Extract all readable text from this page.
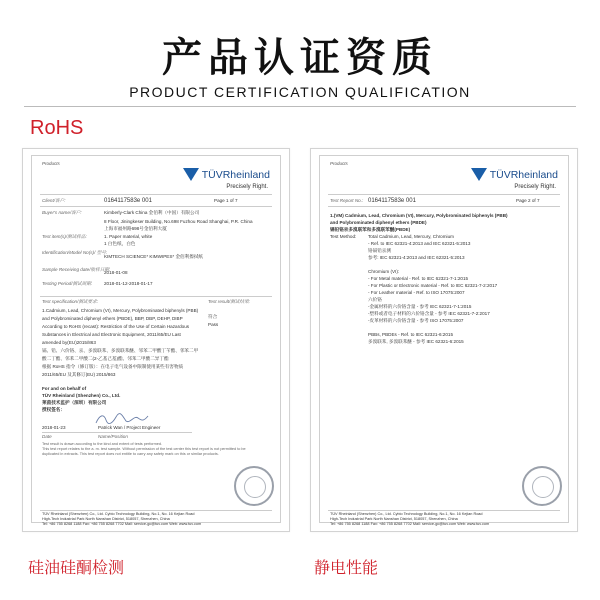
产品认证资质
PRODUCT CERTIFICATION QUALIFICATION
RoHS
Products
TÜVRheinland
Precisely Right.
Client/客户:	0164117583e 001	Page 1 of 7
Buyer's name/客户:	Kimberly-Clark China 金佰利（中国）有限公司
8 Floor, Jiningkeser Building, No.698 Fuzhou Road Shanghai, P.R. China
上海市福州路698号金佰利大厦
Test item(s)/测试样品:	1. Paper material, white
1 白色纸，白色
Identification/Model No(s)/ 型号:
KIMTECH SCIENCE* KIMWIPES* 金佰利擦拭纸
Sample Receiving date/收样日期:
2018-01-08
Testing Period/测试周期:	2018-01-12-2018-01-17
Test specification/测试要求:	Test result/测试结果:
1.Cadmium, Lead, Chromium (VI), Mercury, Polybrominated biphenyls (PBB)
and Polybrominated diphenyl ethers (PBDE), BBP, DBP, DEHP, DIBP
According to RoHS (recast): Restriction of the Use of Certain Hazardous
Substances in Electrical and Electronic Equipment, 2011/65/EU Last
amended by(EU)2015/863
镉、铅、六价铬、汞、多溴联苯、多溴联苯醚、邻苯二甲酸丁苄酯、邻苯二甲
酸二丁酯、邻苯二甲酸二(2-乙基己基)酯、邻苯二甲酸二异丁酯
根据 RoHS 指令（修订版）：在电子电气设备中限制使用某些有害物质
2011/65/EU 及其修订(EU) 2015/863
符合
Pass
For and on behalf of
TÜV Rheinland (Shenzhen) Co., Ltd.
莱茵技术监护（深圳）有限公司
授权签名：
2018-01-23	Patrick Wan / Project Engineer
Date	Name/Position
Test result is drawn according to the kind and extent of tests performed.
This test report relates to the a. m. test sample. Without permission of the test center this test report is not permitted to be
duplicated in extracts. This test report does not entitle to carry any safety mark on this or similar products.
TÜV Rheinland (Shenzhen) Co., Ltd. Cybio Technology Building, No.1, No. 16 Kejian Road
High-Tech Industrial Park North Nanshan District, 518057, Shenzhen, China
Tel: +86 755 8268 1188 Fax: +86 755 8268 7702 Mail: service-gc@tuv.com Web: www.tuv.com
Products
TÜVRheinland
Precisely Right.
Test Report No.: 0164117583e 001	Page 2 of 7
1.(VM) Cadmium, Lead, Chromium (VI), Mercury, Polybrominated biphenyls (PBB)
and Polybrominated diphenyl ethers (PBDE)
镉铅铬汞多溴联苯和多溴联苯醚(PBDE)
Test Method:	Total Cadmium, Lead, Mercury, Chromium
- Ref. to IEC 62321-4:2013 and IEC 62321-5:2013
铬镉铅汞测
参考: IEC 62321-4:2013 and IEC 62321-5:2013
Chromium (VI):
- For Metal material - Ref. to IEC 62321-7-1:2015
- For Plastic or Electronic material - Ref. to IEC 62321-7-2:2017
- For Leather material - Ref. to ISO 17075:2007
六价铬
-金属材料的六价铬含量 - 参考 IEC 62321-7-1:2015
-塑料或者电子材料的六价铬含量 - 参考 IEC 62321-7-2:2017
-皮革材料的六价铬含量 - 参考 ISO 17075:2007
PBBs, PBDEs - Ref. to IEC 62321-6:2015
多溴联苯, 多溴联苯醚 - 参考 IEC 62321-6:2015
TÜV Rheinland (Shenzhen) Co., Ltd. Cybio Technology Building, No.1, No. 16 Kejian Road
High-Tech Industrial Park North Nanshan District, 518057, Shenzhen, China
Tel: +86 755 8268 1188 Fax: +86 755 8268 7702 Mail: service-gc@tuv.com Web: www.tuv.com
硅油硅酮检测	静电性能
